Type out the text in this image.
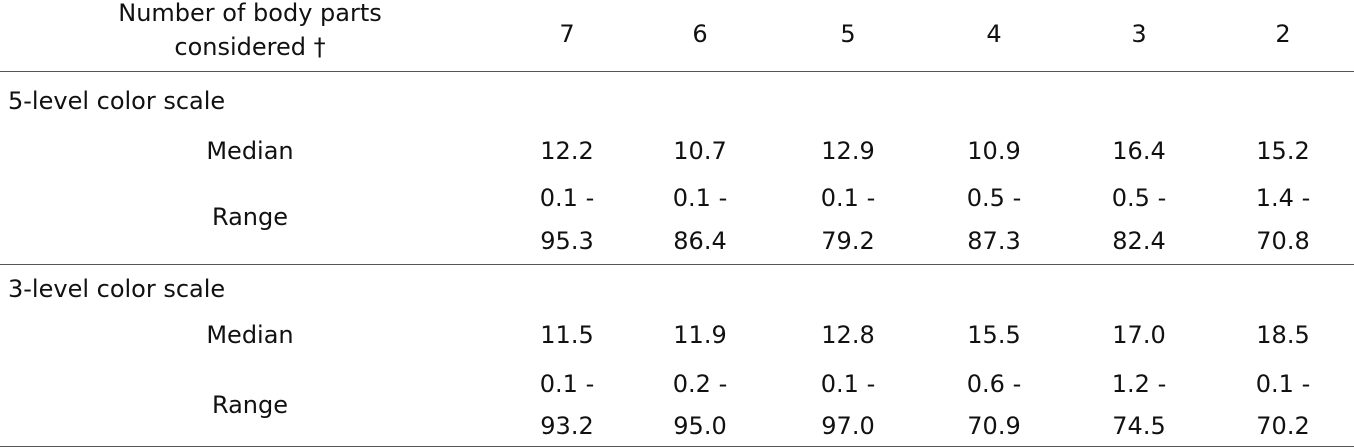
Number of body parts
considered †	7	6	5	4	3	2
5-level color scale
Median	12.2	10.7	12.9	10.9	16.4	15.2
Range
0.1 -	0.1 -	0.1 -	0.5 -	0.5 -	1.4 -
95.3	86.4	79.2	87.3	82.4	70.8
3-level color scale
Median	11.5	11.9	12.8	15.5	17.0	18.5
Range
0.1 -	0.2 -	0.1 -	0.6 -	1.2 -	0.1 -
93.2	95.0	97.0	70.9	74.5	70.2
